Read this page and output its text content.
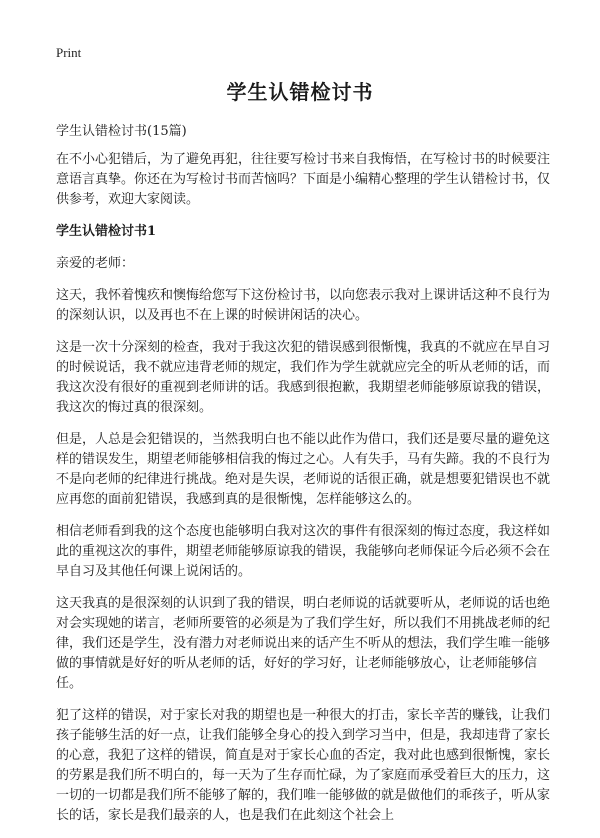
Print
学生认错检讨书
学生认错检讨书(15篇)

在不小心犯错后，为了避免再犯，往往要写检讨书来自我悔悟，在写检讨书的时候要注意语言真挚。你还在为写检讨书而苦恼吗？下面是小编精心整理的学生认错检讨书，仅供参考，欢迎大家阅读。

学生认错检讨书1

亲爱的老师：

这天，我怀着愧疚和懊悔给您写下这份检讨书，以向您表示我对上课讲话这种不良行为的深刻认识，以及再也不在上课的时候讲闲话的决心。

这是一次十分深刻的检查，我对于我这次犯的错误感到很惭愧，我真的不就应在早自习的时候说话，我不就应违背老师的规定，我们作为学生就就应完全的听从老师的话，而我这次没有很好的重视到老师讲的话。我感到很抱歉，我期望老师能够原谅我的错误，我这次的悔过真的很深刻。

但是，人总是会犯错误的，当然我明白也不能以此作为借口，我们还是要尽量的避免这样的错误发生，期望老师能够相信我的悔过之心。人有失手，马有失蹄。我的不良行为不是向老师的纪律进行挑战。绝对是失误，老师说的话很正确，就是想要犯错误也不就应再您的面前犯错误，我感到真的是很惭愧，怎样能够这么的。

相信老师看到我的这个态度也能够明白我对这次的事件有很深刻的悔过态度，我这样如此的重视这次的事件，期望老师能够原谅我的错误，我能够向老师保证今后必须不会在早自习及其他任何课上说闲话的。

这天我真的是很深刻的认识到了我的错误，明白老师说的话就要听从，老师说的话也绝对会实现她的诺言，老师所要管的必须是为了我们学生好，所以我们不用挑战老师的纪律，我们还是学生，没有潜力对老师说出来的话产生不听从的想法，我们学生唯一能够做的事情就是好好的听从老师的话，好好的学习好，让老师能够放心，让老师能够信任。

犯了这样的错误，对于家长对我的期望也是一种很大的打击，家长辛苦的赚钱，让我们孩子能够生活的好一点，让我们能够全身心的投入到学习当中，但是，我却违背了家长的心意，我犯了这样的错误，简直是对于家长心血的否定，我对此也感到很惭愧，家长的劳累是我们所不明白的，每一天为了生存而忙碌，为了家庭而承受着巨大的压力，这一切的一切都是我们所不能够了解的，我们唯一能够做的就是做他们的乖孩子，听从家长的话，家长是我们最亲的人，也是我们在此刻这个社会上
